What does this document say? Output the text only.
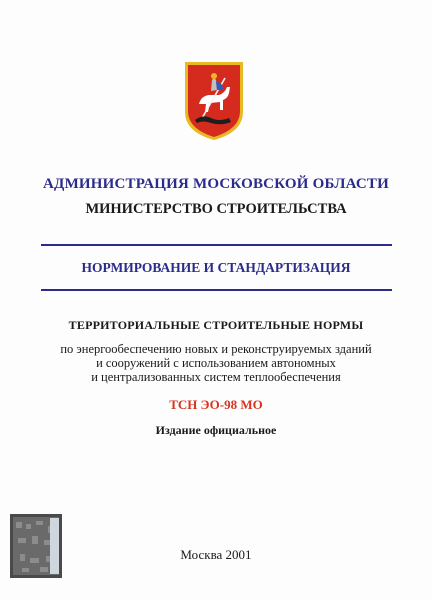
АДМИНИСТРАЦИЯ МОСКОВСКОЙ ОБЛАСТИ
МИНИСТЕРСТВО СТРОИТЕЛЬСТВА
НОРМИРОВАНИЕ И СТАНДАРТИЗАЦИЯ
ТЕРРИТОРИАЛЬНЫЕ СТРОИТЕЛЬНЫЕ НОРМЫ
по энергообеспечению новых и реконструируемых зданий
и сооружений с использованием автономных
и централизованных систем теплообеспечения
ТСН ЭО-98 МО
Издание официальное
Москва 2001
